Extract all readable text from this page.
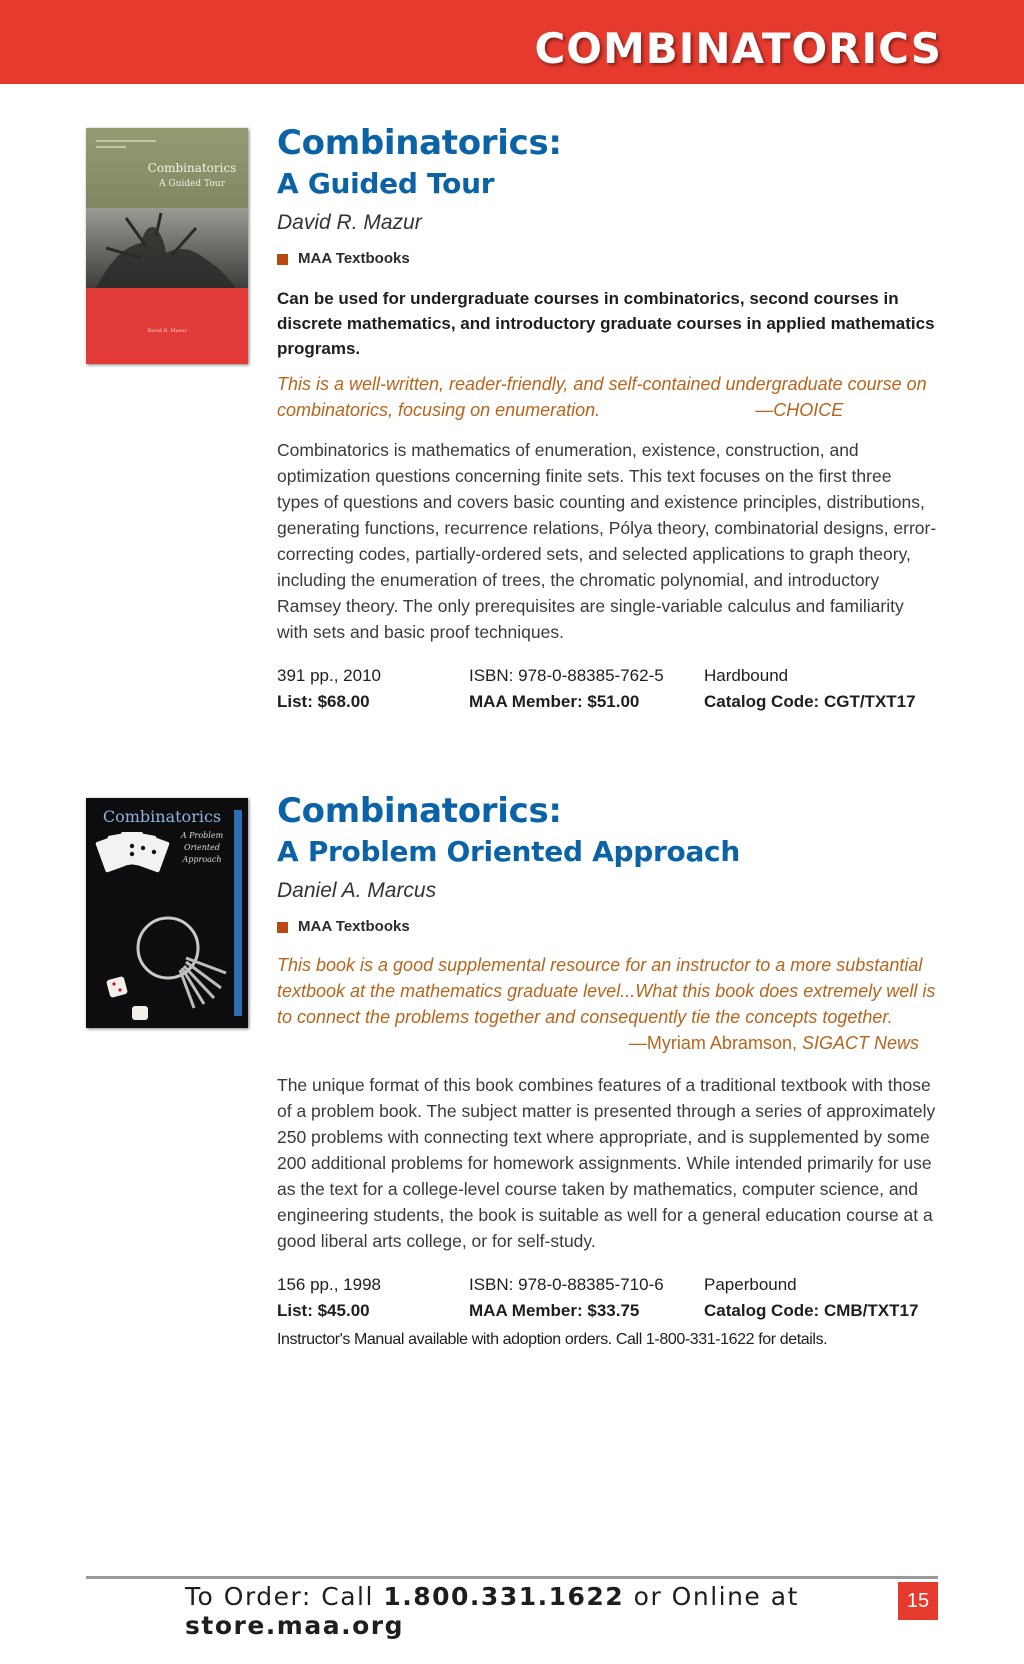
COMBINATORICS
Combinatorics
A Guided Tour
David R. Mazur
Combinatorics:
A Guided Tour
David R. Mazur
MAA Textbooks
Can be used for undergraduate courses in combinatorics, second courses in discrete mathematics, and introductory graduate courses in applied mathematics programs.
This is a well-written, reader-friendly, and self-contained undergraduate course on combinatorics, focusing on enumeration.	—CHOICE
Combinatorics is mathematics of enumeration, existence, construction, and optimization questions concerning finite sets. This text focuses on the first three types of questions and covers basic counting and existence principles, distributions, generating functions, recurrence relations, Pólya theory, combinatorial designs, error-correcting codes, partially-ordered sets, and selected applications to graph theory, including the enumeration of trees, the chromatic polynomial, and introductory Ramsey theory. The only prerequisites are single-variable calculus and familiarity with sets and basic proof techniques.
391 pp., 2010
List: $68.00
ISBN: 978-0-88385-762-5
MAA Member: $51.00
Hardbound
Catalog Code: CGT/TXT17
Combinatorics
A Problem
Oriented
Approach
Combinatorics:
A Problem Oriented Approach
Daniel A. Marcus
MAA Textbooks
This book is a good supplemental resource for an instructor to a more substantial textbook at the mathematics graduate level...What this book does extremely well is to connect the problems together and consequently tie the concepts together.
—Myriam Abramson, SIGACT News
The unique format of this book combines features of a traditional textbook with those of a problem book. The subject matter is presented through a series of approximately 250 problems with connecting text where appropriate, and is supplemented by some 200 additional problems for homework assignments. While intended primarily for use as the text for a college-level course taken by mathematics, computer science, and engineering students, the book is suitable as well for a general education course at a good liberal arts college, or for self-study.
156 pp., 1998
List: $45.00
ISBN: 978-0-88385-710-6
MAA Member: $33.75
Paperbound
Catalog Code: CMB/TXT17
Instructor's Manual available with adoption orders. Call 1-800-331-1622 for details.
To Order: Call 1.800.331.1622 or Online at store.maa.org
15
